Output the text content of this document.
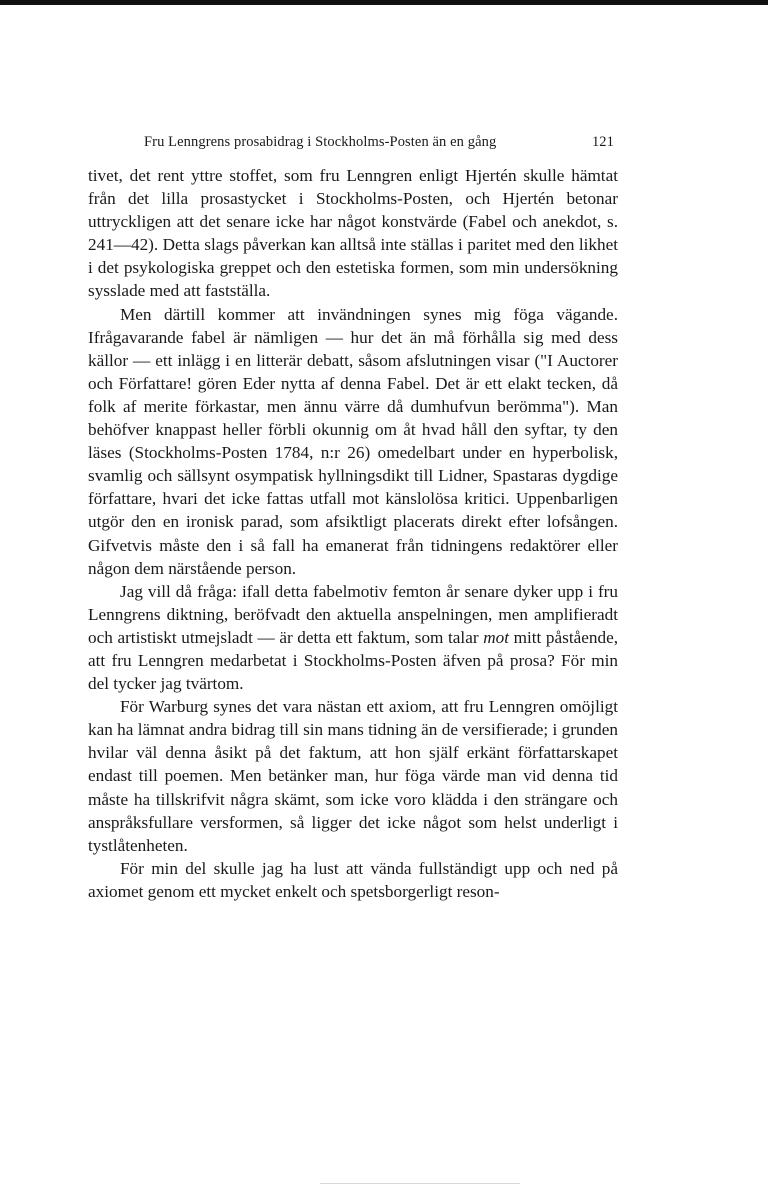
Fru Lenngrens prosabidrag i Stockholms-Posten än en gång	121

tivet, det rent yttre stoffet, som fru Lenngren enligt Hjertén skulle hämtat från det lilla prosastycket i Stockholms-Posten, och Hjertén betonar uttryckligen att det senare icke har något konstvärde (Fabel och anekdot, s. 241—42). Detta slags påverkan kan alltså inte ställas i paritet med den likhet i det psykologiska greppet och den estetiska formen, som min undersökning sysslade med att fastställa.

Men därtill kommer att invändningen synes mig föga vägande. Ifrågavarande fabel är nämligen — hur det än må förhålla sig med dess källor — ett inlägg i en litterär debatt, såsom afslutningen visar ("I Auctorer och Författare! gören Eder nytta af denna Fabel. Det är ett elakt tecken, då folk af merite förkastar, men ännu värre då dumhufvun berömma"). Man behöfver knappast heller förbli okunnig om åt hvad håll den syftar, ty den läses (Stockholms-Posten 1784, n:r 26) omedelbart under en hyperbolisk, svamlig och sällsynt osympatisk hyllningsdikt till Lidner, Spastaras dygdige författare, hvari det icke fattas utfall mot känslolösa kritici. Uppenbarligen utgör den en ironisk parad, som afsiktligt placerats direkt efter lofsången. Gifvetvis måste den i så fall ha emanerat från tidningens redaktörer eller någon dem närstående person.

Jag vill då fråga: ifall detta fabelmotiv femton år senare dyker upp i fru Lenngrens diktning, beröfvadt den aktuella anspelningen, men amplifieradt och artistiskt utmejsladt — är detta ett faktum, som talar mot mitt påstående, att fru Lenngren medarbetat i Stockholms-Posten äfven på prosa? För min del tycker jag tvärtom.

För Warburg synes det vara nästan ett axiom, att fru Lenngren omöjligt kan ha lämnat andra bidrag till sin mans tidning än de versifierade; i grunden hvilar väl denna åsikt på det faktum, att hon själf erkänt författarskapet endast till poemen. Men betänker man, hur föga värde man vid denna tid måste ha tillskrifvit några skämt, som icke voro klädda i den strängare och anspråksfullare versformen, så ligger det icke något som helst underligt i tystlåtenheten.

För min del skulle jag ha lust att vända fullständigt upp och ned på axiomet genom ett mycket enkelt och spetsborgerligt reson-
